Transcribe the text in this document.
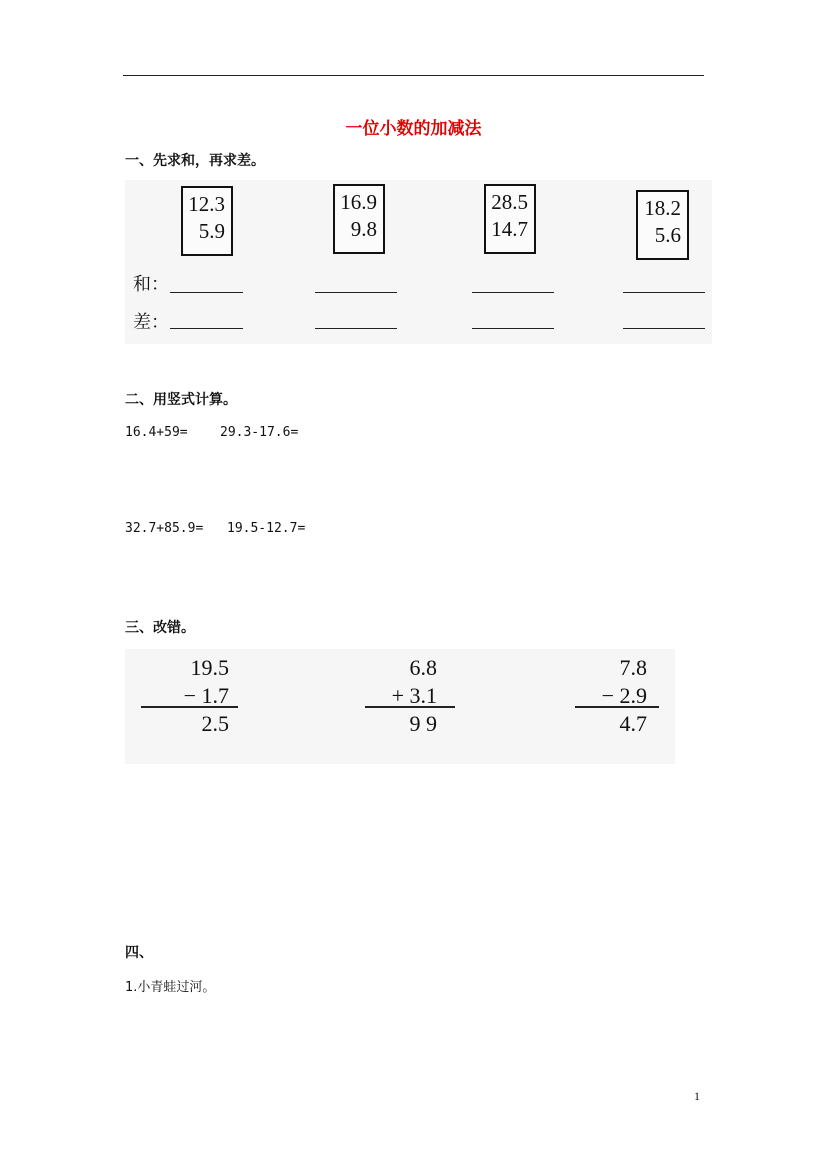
一位小数的加减法
一、先求和，再求差。
12.3
5.9
16.9
9.8
28.5
14.7
18.2
5.6
和：
差：
二、用竖式计算。
16.4+59= 29.3-17.6=
32.7+85.9= 19.5-12.7=
三、改错。
19.5
− 1.7
2.5
6.8
+ 3.1
9 9
7.8
− 2.9
4.7
四、
1.小青蛙过河。
1
